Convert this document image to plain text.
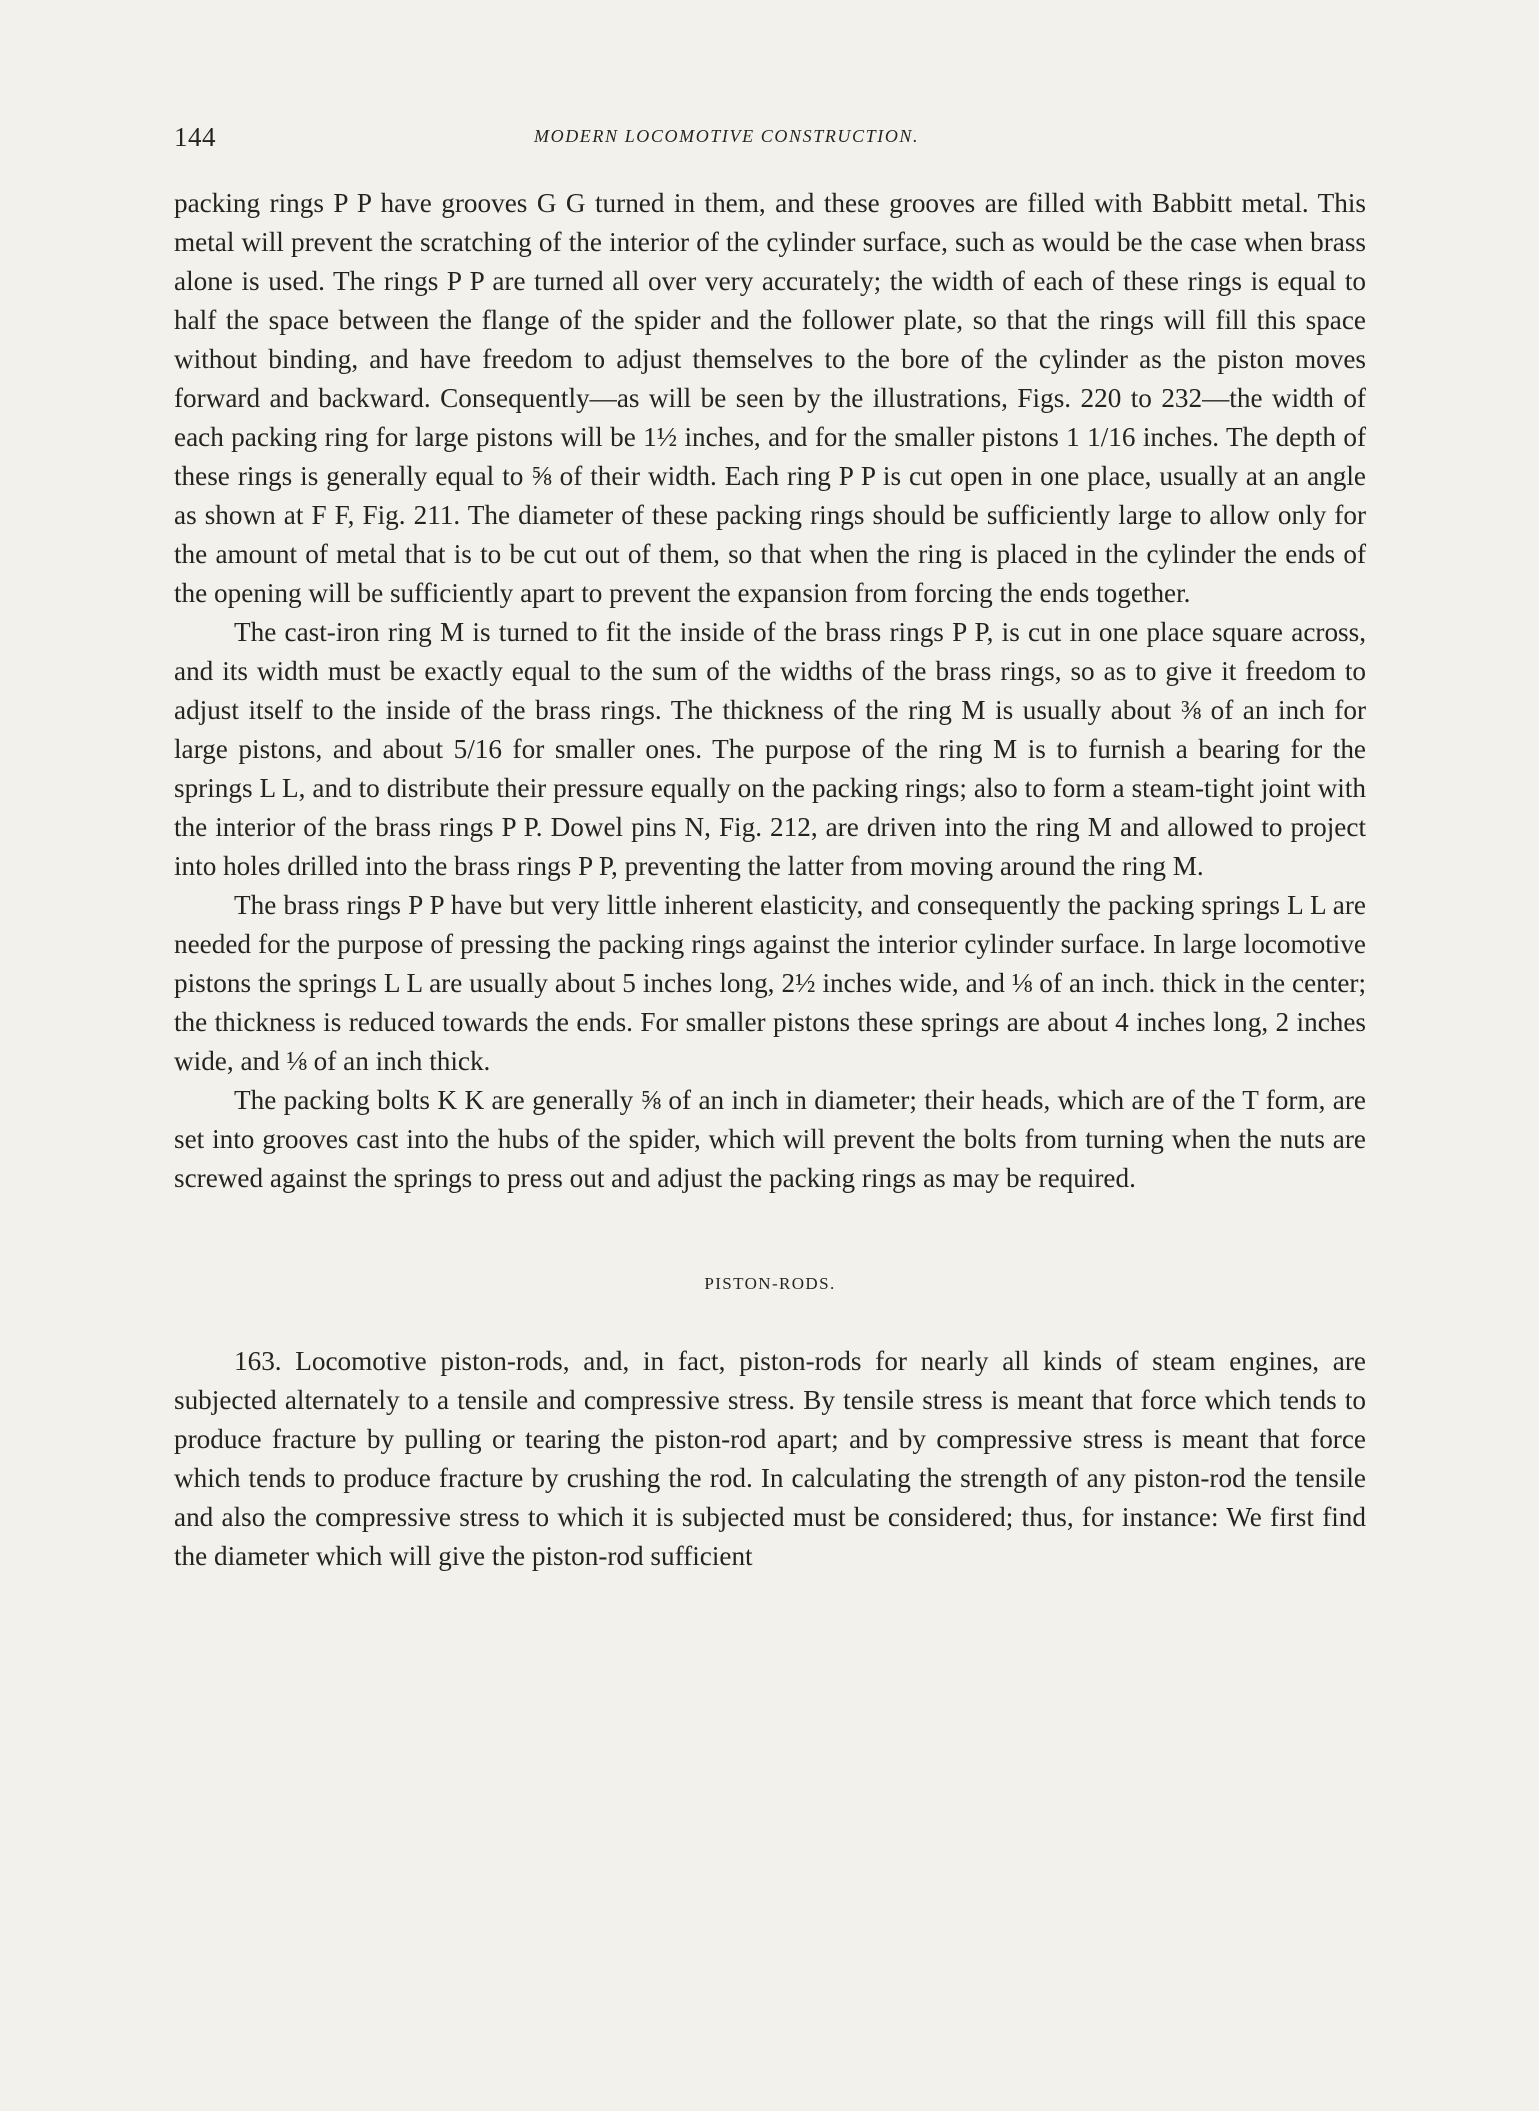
144	MODERN LOCOMOTIVE CONSTRUCTION.

packing rings P P have grooves G G turned in them, and these grooves are filled with Babbitt metal. This metal will prevent the scratching of the interior of the cylinder surface, such as would be the case when brass alone is used. The rings P P are turned all over very accurately; the width of each of these rings is equal to half the space between the flange of the spider and the follower plate, so that the rings will fill this space without binding, and have freedom to adjust themselves to the bore of the cylinder as the piston moves forward and backward. Consequently—as will be seen by the illustrations, Figs. 220 to 232—the width of each packing ring for large pistons will be 1½ inches, and for the smaller pistons 1 1/16 inches. The depth of these rings is generally equal to ⅝ of their width. Each ring P P is cut open in one place, usually at an angle as shown at F F, Fig. 211. The diameter of these packing rings should be sufficiently large to allow only for the amount of metal that is to be cut out of them, so that when the ring is placed in the cylinder the ends of the opening will be sufficiently apart to prevent the expansion from forcing the ends together.

The cast-iron ring M is turned to fit the inside of the brass rings P P, is cut in one place square across, and its width must be exactly equal to the sum of the widths of the brass rings, so as to give it freedom to adjust itself to the inside of the brass rings. The thickness of the ring M is usually about ⅜ of an inch for large pistons, and about 5/16 for smaller ones. The purpose of the ring M is to furnish a bearing for the springs L L, and to distribute their pressure equally on the packing rings; also to form a steam-tight joint with the interior of the brass rings P P. Dowel pins N, Fig. 212, are driven into the ring M and allowed to project into holes drilled into the brass rings P P, preventing the latter from moving around the ring M.

The brass rings P P have but very little inherent elasticity, and consequently the packing springs L L are needed for the purpose of pressing the packing rings against the interior cylinder surface. In large locomotive pistons the springs L L are usually about 5 inches long, 2½ inches wide, and ⅛ of an inch. thick in the center; the thickness is reduced towards the ends. For smaller pistons these springs are about 4 inches long, 2 inches wide, and ⅛ of an inch thick.

The packing bolts K K are generally ⅝ of an inch in diameter; their heads, which are of the T form, are set into grooves cast into the hubs of the spider, which will prevent the bolts from turning when the nuts are screwed against the springs to press out and adjust the packing rings as may be required.

PISTON-RODS.

163. Locomotive piston-rods, and, in fact, piston-rods for nearly all kinds of steam engines, are subjected alternately to a tensile and compressive stress. By tensile stress is meant that force which tends to produce fracture by pulling or tearing the piston-rod apart; and by compressive stress is meant that force which tends to produce fracture by crushing the rod. In calculating the strength of any piston-rod the tensile and also the compressive stress to which it is subjected must be considered; thus, for instance: We first find the diameter which will give the piston-rod sufficient
